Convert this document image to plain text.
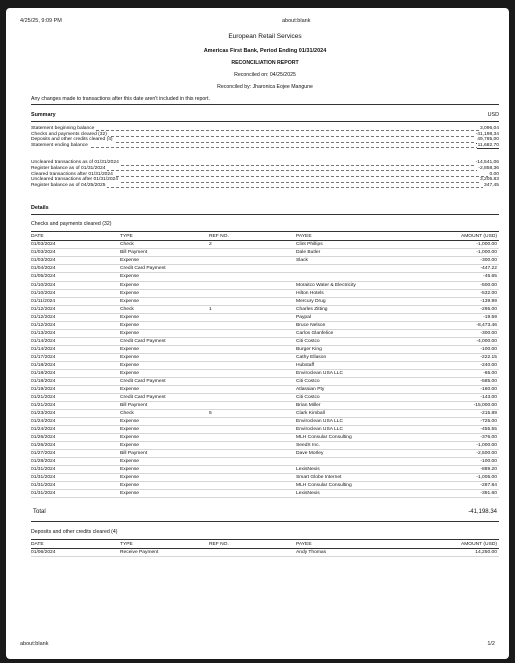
4/25/25, 9:09 PM	about:blank
European Retail Services
Americas First Bank, Period Ending 01/31/2024
RECONCILIATION REPORT
Reconciled on: 04/25/2025
Reconciled by: Jharonica Eojee Mangune
Any changes made to transactions after this date aren't included in this report.
Summary	USD
Statement beginning balance	3,096,04
Checks and payments cleared (32)	-41,198,34
Deposits and other credits cleared (4)	49,785,00
Statement ending balance	11,682.70
Uncleared transactions as of 01/31/2024	-14,541,06
Register balance as of 01/31/2024	-2,858,36
Cleared transactions after 01/31/2024	0.00
Uncleared transactions after 01/31/2024	3,205.83
Register balance as of 04/25/2025	347,45
Details
Checks and payments cleared (32)
DATE	TYPE	REF NO.	PAYEE	AMOUNT (USD)
01/03/2024	Check	2	Clint Phillips	-1,000.00
01/03/2024	Bill Payment	Dale Butler	-1,000.00
01/03/2024	Expense	Slack	-300.00
01/04/2024	Credit Card Payment	-447.22
01/05/2024	Expense	-45.65
01/10/2024	Expense	Moraitco Water & Electricity	-500.00
01/10/2024	Expense	Hilton Hotels	-532.00
01/11/2024	Expense	Mercury Drug	-139.99
01/12/2024	Check	1	Charles Zitting	-295.00
01/12/2024	Expense	Paypal	-19.59
01/12/2024	Expense	Bruce Nelson	-8,473.46
01/13/2024	Expense	Carlos Glanfelice	-300.00
01/14/2024	Credit Card Payment	Citi Costco	-4,000.00
01/14/2024	Expense	Burger King	-100.00
01/17/2024	Expense	Cathy Ellason	-222.15
01/18/2024	Expense	Hubstaff	-240.00
01/18/2024	Expense	Enviroclean USA LLC	-65.00
01/18/2024	Credit Card Payment	Citi Costco	-585.00
01/19/2024	Expense	Atlassian Pty	-160.00
01/21/2024	Credit Card Payment	Citi Costco	-143.00
01/21/2024	Bill Payment	Brian Miller	-15,000.00
01/23/2024	Check	5	Clark Kimball	-215.89
01/24/2024	Expense	Enviroclean USA LLC	-725.00
01/24/2024	Expense	Enviroclean USA LLC	-455.55
01/26/2024	Expense	MLH Consular Consulting	-376.00
01/26/2024	Expense	SeedX Inc.	-1,000.00
01/27/2024	Bill Payment	Dave Morley	-2,500.00
01/28/2024	Expense	-100.00
01/31/2024	Expense	LexisNexis	-889.20
01/31/2024	Expense	Smart Globe Internet	-1,005.00
01/31/2024	Expense	MLH Consular Consulting	-287.84
01/31/2024	Expense	LexisNexis	-391.60
Total	-41,198.34
Deposits and other credits cleared (4)
DATE	TYPE	REF NO.	PAYEE	AMOUNT (USD)
01/06/2024	Receive Payment	Andy Thomas	14,250.00
about:blank	1/2
